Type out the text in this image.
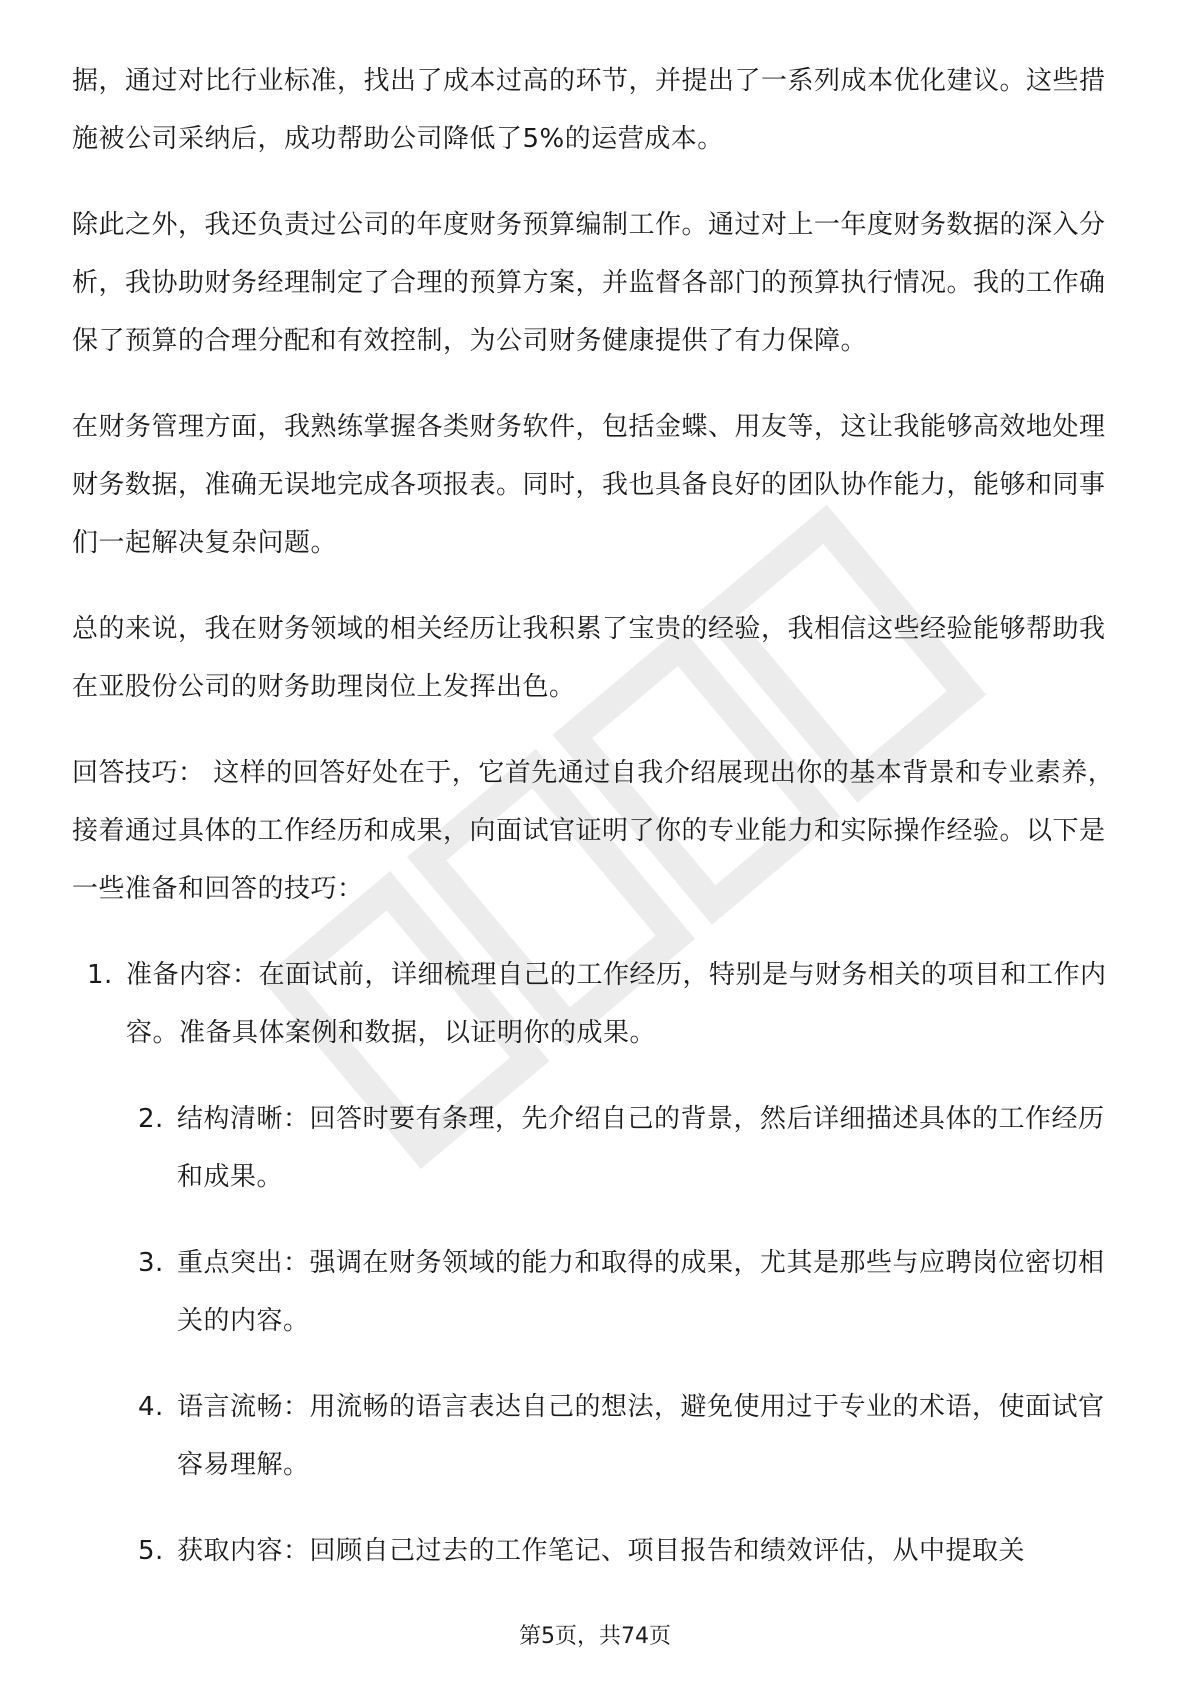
据，通过对比行业标准，找出了成本过高的环节，并提出了一系列成本优化建议。这些措施被公司采纳后，成功帮助公司降低了5%的运营成本。

除此之外，我还负责过公司的年度财务预算编制工作。通过对上一年度财务数据的深入分析，我协助财务经理制定了合理的预算方案，并监督各部门的预算执行情况。我的工作确保了预算的合理分配和有效控制，为公司财务健康提供了有力保障。

在财务管理方面，我熟练掌握各类财务软件，包括金蝶、用友等，这让我能够高效地处理财务数据，准确无误地完成各项报表。同时，我也具备良好的团队协作能力，能够和同事们一起解决复杂问题。

总的来说，我在财务领域的相关经历让我积累了宝贵的经验，我相信这些经验能够帮助我在亚股份公司的财务助理岗位上发挥出色。

回答技巧： 这样的回答好处在于，它首先通过自我介绍展现出你的基本背景和专业素养，接着通过具体的工作经历和成果，向面试官证明了你的专业能力和实际操作经验。以下是一些准备和回答的技巧：

1. 准备内容：在面试前，详细梳理自己的工作经历，特别是与财务相关的项目和工作内容。准备具体案例和数据，以证明你的成果。
2. 结构清晰：回答时要有条理，先介绍自己的背景，然后详细描述具体的工作经历和成果。
3. 重点突出：强调在财务领域的能力和取得的成果，尤其是那些与应聘岗位密切相关的内容。
4. 语言流畅：用流畅的语言表达自己的想法，避免使用过于专业的术语，使面试官容易理解。
5. 获取内容：回顾自己过去的工作笔记、项目报告和绩效评估，从中提取关
第5页，共74页
